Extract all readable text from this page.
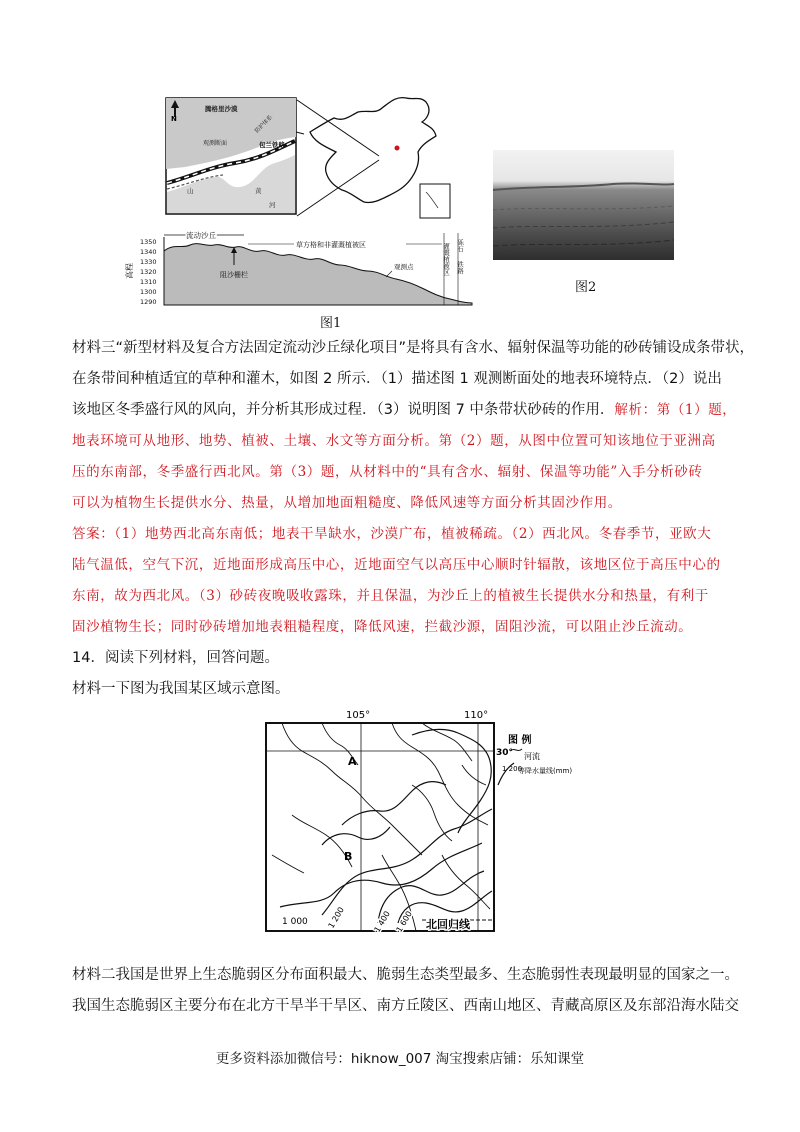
N
腾格里沙漠
防护体系
观测断面	包兰铁路
山	黄
河
高程
1350
1340
1330
1320
1310
1300
1290
流动沙丘
草方格和非灌溉植被区	灌溉植被区 砾石
铁路
观测点
阻沙栅栏
图1
图2
材料三“新型材料及复合方法固定流动沙丘绿化项目”是将具有含水、辐射保温等功能的砂砖铺设成条带状，
在条带间种植适宜的草种和灌木，如图 2 所示．（1）描述图 1 观测断面处的地表环境特点．（2）说出
该地区冬季盛行风的风向，并分析其形成过程．（3）说明图 7 中条带状砂砖的作用．解析：第（1）题，
地表环境可从地形、地势、植被、土壤、水文等方面分析。第（2）题，从图中位置可知该地位于亚洲高
压的东南部，冬季盛行西北风。第（3）题，从材料中的“具有含水、辐射、保温等功能”入手分析砂砖
可以为植物生长提供水分、热量，从增加地面粗糙度、降低风速等方面分析其固沙作用。
答案：（1）地势西北高东南低；地表干旱缺水，沙漠广布，植被稀疏。（2）西北风。冬春季节，亚欧大
陆气温低，空气下沉，近地面形成高压中心，近地面空气以高压中心顺时针辐散，该地区位于高压中心的
东南，故为西北风。（3）砂砖夜晚吸收露珠，并且保温，为沙丘上的植被生长提供水分和热量，有利于
固沙植物生长；同时砂砖增加地表粗糙程度，降低风速，拦截沙源，固阻沙流，可以阻止沙丘流动。
14．阅读下列材料，回答问题。
材料一下图为我国某区域示意图。
105°	110°
A
B
1 000 1 200	1 400 1 600 北回归线
图 例
30° 河流
1 200
等降水量线(mm)
材料二我国是世界上生态脆弱区分布面积最大、脆弱生态类型最多、生态脆弱性表现最明显的国家之一。
我国生态脆弱区主要分布在北方干旱半干旱区、南方丘陵区、西南山地区、青藏高原区及东部沿海水陆交
更多资料添加微信号：hiknow_007 淘宝搜索店铺：乐知课堂
